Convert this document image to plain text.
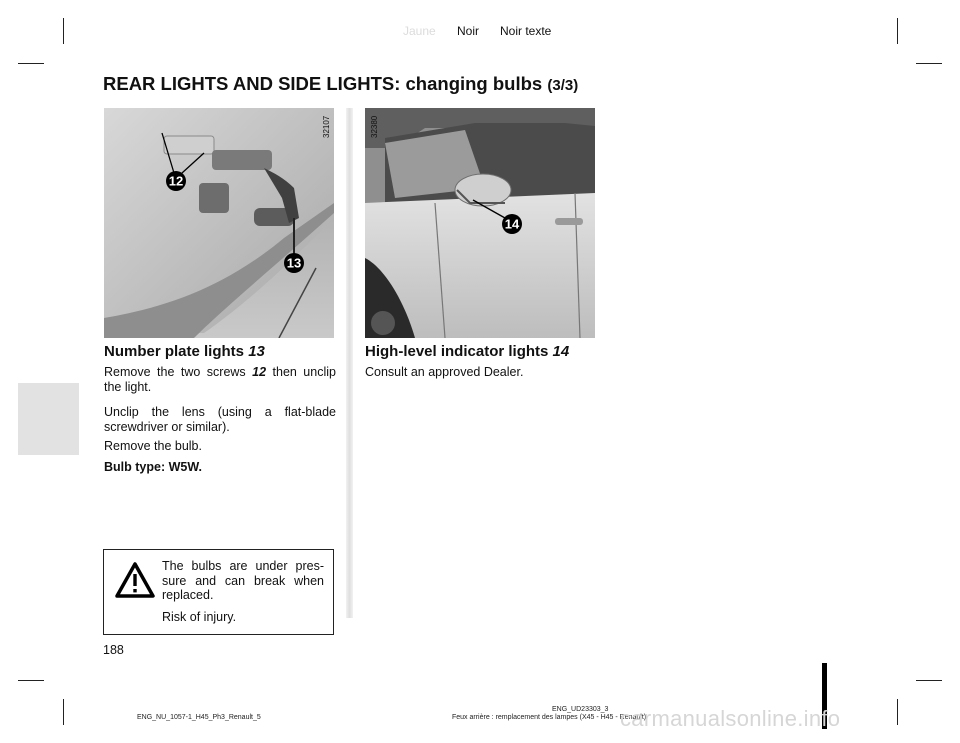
Jaune Noir Noir texte
REAR LIGHTS AND SIDE LIGHTS: changing bulbs (3/3)
12
13
32107
14
32380
Number plate lights 13
Remove the two screws 12 then unclip the light.
Unclip the lens (using a flat-blade screwdriver or similar).
Remove the bulb.
Bulb type: W5W.
High-level indicator lights 14
Consult an approved Dealer.
The bulbs are under pres-sure and can break when replaced.
Risk of injury.
188
ENG_NU_1057-1_H45_Ph3_Renault_5
ENG_UD23303_3
Feux arrière : remplacement des lampes (X45 - H45 - Renault)
carmanualsonline.info
